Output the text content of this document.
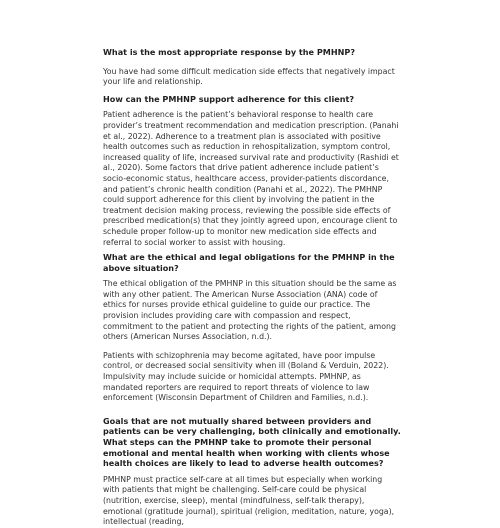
What is the most appropriate response by the PMHNP?

You have had some difficult medication side effects that negatively impact your life and relationship.

How can the PMHNP support adherence for this client?

Patient adherence is the patient’s behavioral response to health care provider’s treatment recommendation and medication prescription. (Panahi et al., 2022). Adherence to a treatment plan is associated with positive health outcomes such as reduction in rehospitalization, symptom control, increased quality of life, increased survival rate and productivity (Rashidi et al., 2020). Some factors that drive patient adherence include patient’s socio-economic status, healthcare access, provider-patients discordance, and patient’s chronic health condition (Panahi et al., 2022). The PMHNP could support adherence for this client by involving the patient in the treatment decision making process, reviewing the possible side effects of prescribed medication(s) that they jointly agreed upon, encourage client to schedule proper follow-up to monitor new medication side effects and referral to social worker to assist with housing.

What are the ethical and legal obligations for the PMHNP in the above situation?

The ethical obligation of the PMHNP in this situation should be the same as with any other patient. The American Nurse Association (ANA) code of ethics for nurses provide ethical guideline to guide our practice. The provision includes providing care with compassion and respect, commitment to the patient and protecting the rights of the patient, among others (American Nurses Association, n.d.).

Patients with schizophrenia may become agitated, have poor impulse control, or decreased social sensitivity when ill (Boland & Verduin, 2022). Impulsivity may include suicide or homicidal attempts. PMHNP, as mandated reporters are required to report threats of violence to law enforcement (Wisconsin Department of Children and Families, n.d.).

Goals that are not mutually shared between providers and patients can be very challenging, both clinically and emotionally. What steps can the PMHNP take to promote their personal emotional and mental health when working with clients whose health choices are likely to lead to adverse health outcomes?

PMHNP must practice self-care at all times but especially when working with patients that might be challenging. Self-care could be physical (nutrition, exercise, sleep), mental (mindfulness, self-talk therapy), emotional (gratitude journal), spiritual (religion, meditation, nature, yoga), intellectual (reading,
